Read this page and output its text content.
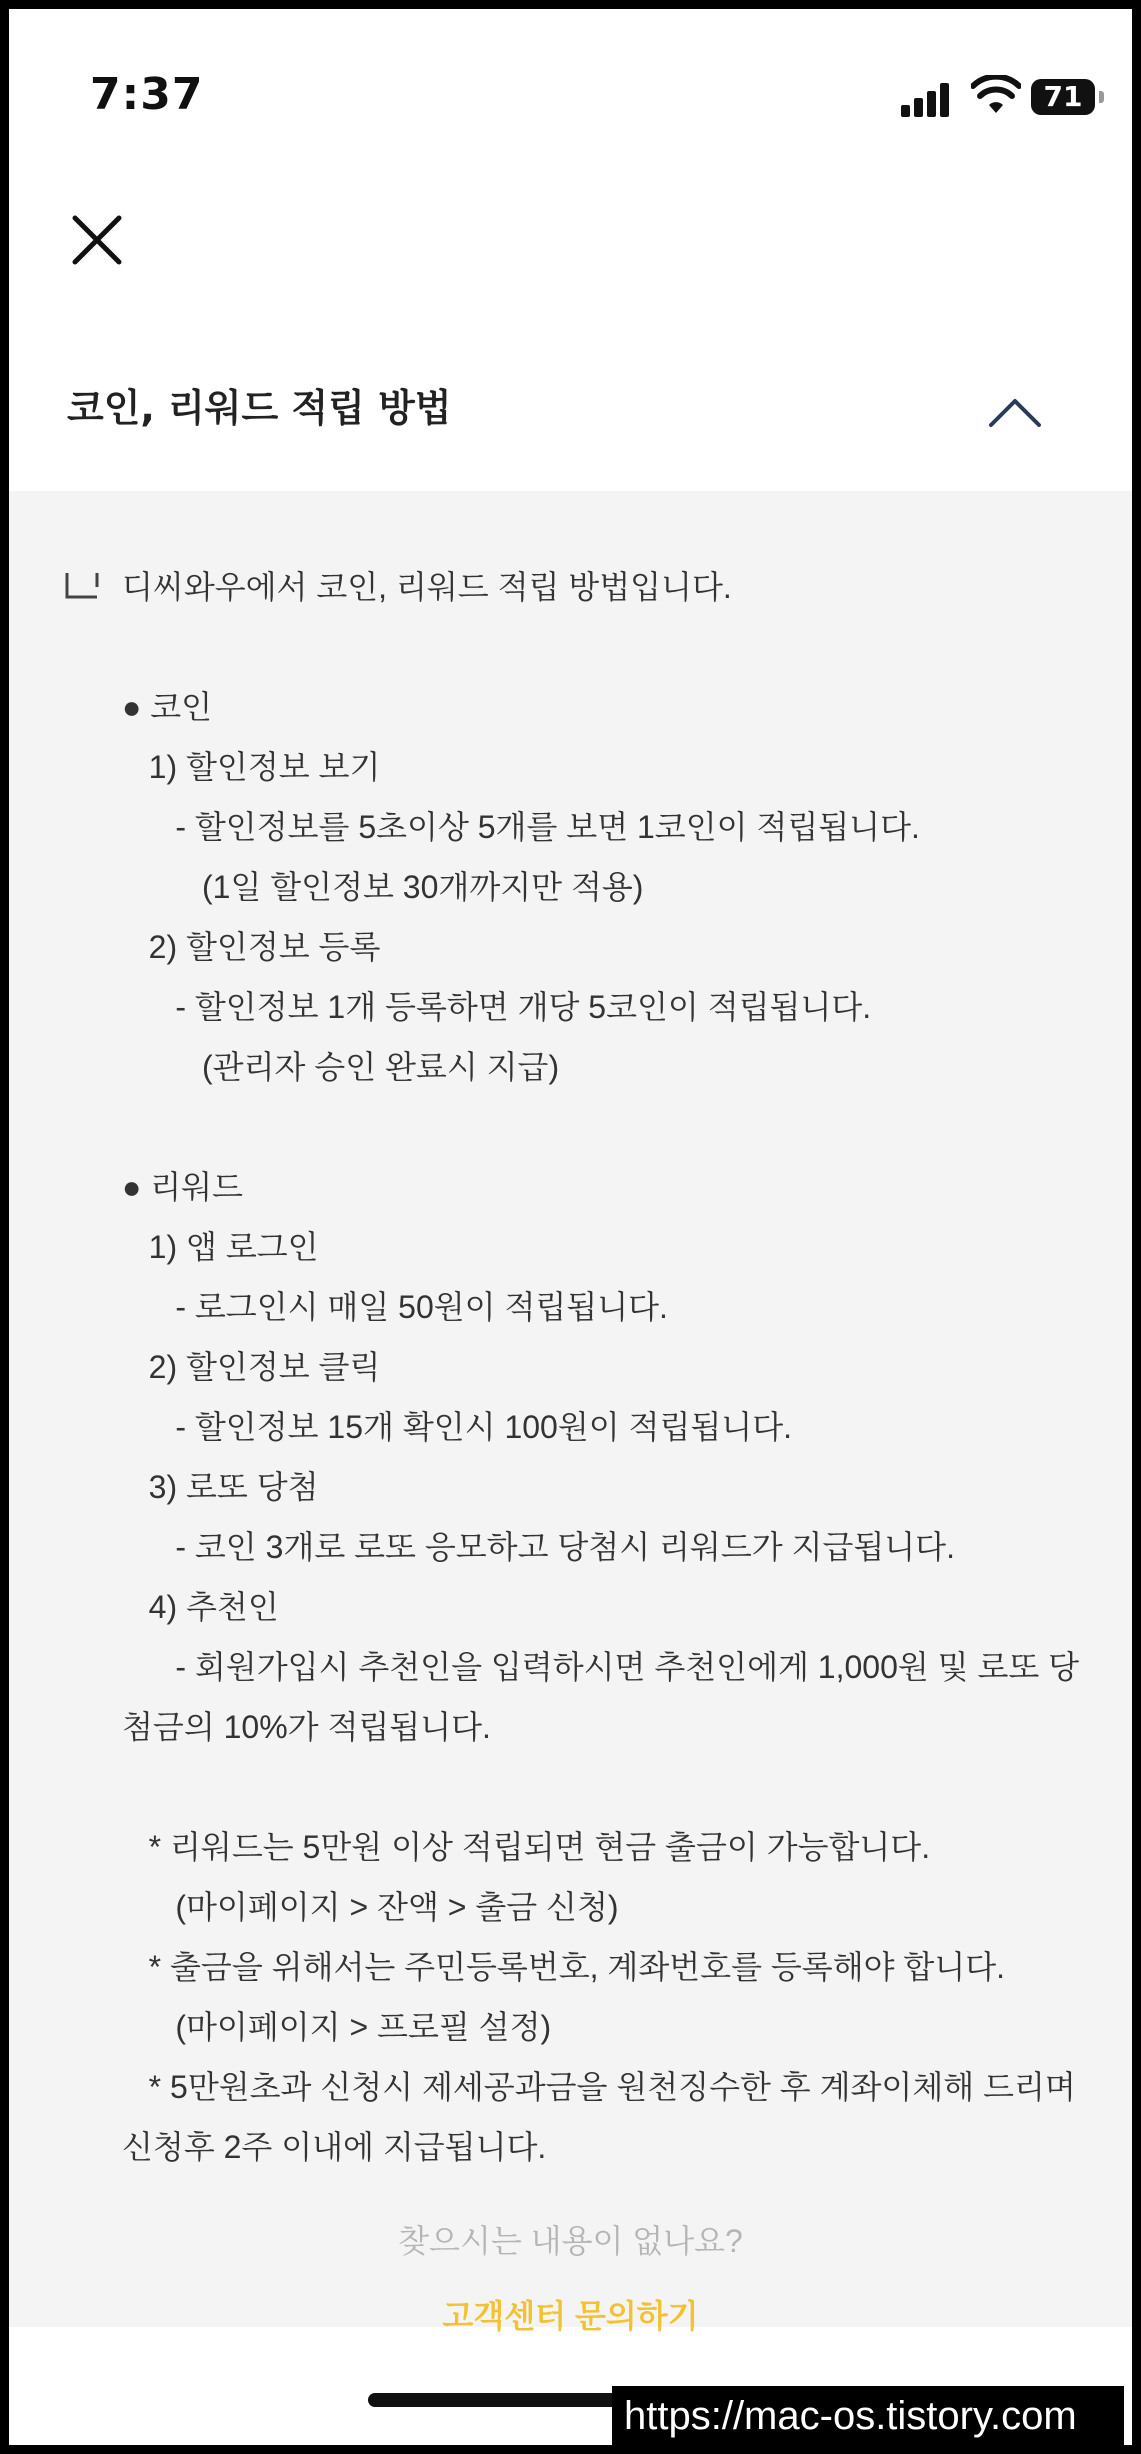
7:37	71
코인, 리워드 적립 방법
디씨와우에서 코인, 리워드 적립 방법입니다.

● 코인
1) 할인정보 보기
- 할인정보를 5초이상 5개를 보면 1코인이 적립됩니다.
(1일 할인정보 30개까지만 적용)
2) 할인정보 등록
- 할인정보 1개 등록하면 개당 5코인이 적립됩니다.
(관리자 승인 완료시 지급)

● 리워드
1) 앱 로그인
- 로그인시 매일 50원이 적립됩니다.
2) 할인정보 클릭
- 할인정보 15개 확인시 100원이 적립됩니다.
3) 로또 당첨
- 코인 3개로 로또 응모하고 당첨시 리워드가 지급됩니다.
4) 추천인
- 회원가입시 추천인을 입력하시면 추천인에게 1,000원 및 로또 당첨금의 10%가 적립됩니다.

* 리워드는 5만원 이상 적립되면 현금 출금이 가능합니다.
(마이페이지 > 잔액 > 출금 신청)
* 출금을 위해서는 주민등록번호, 계좌번호를 등록해야 합니다.
(마이페이지 > 프로필 설정)
* 5만원초과 신청시 제세공과금을 원천징수한 후 계좌이체해 드리며 신청후 2주 이내에 지급됩니다.
찾으시는 내용이 없나요?
고객센터 문의하기
https://mac-os.tistory.com
